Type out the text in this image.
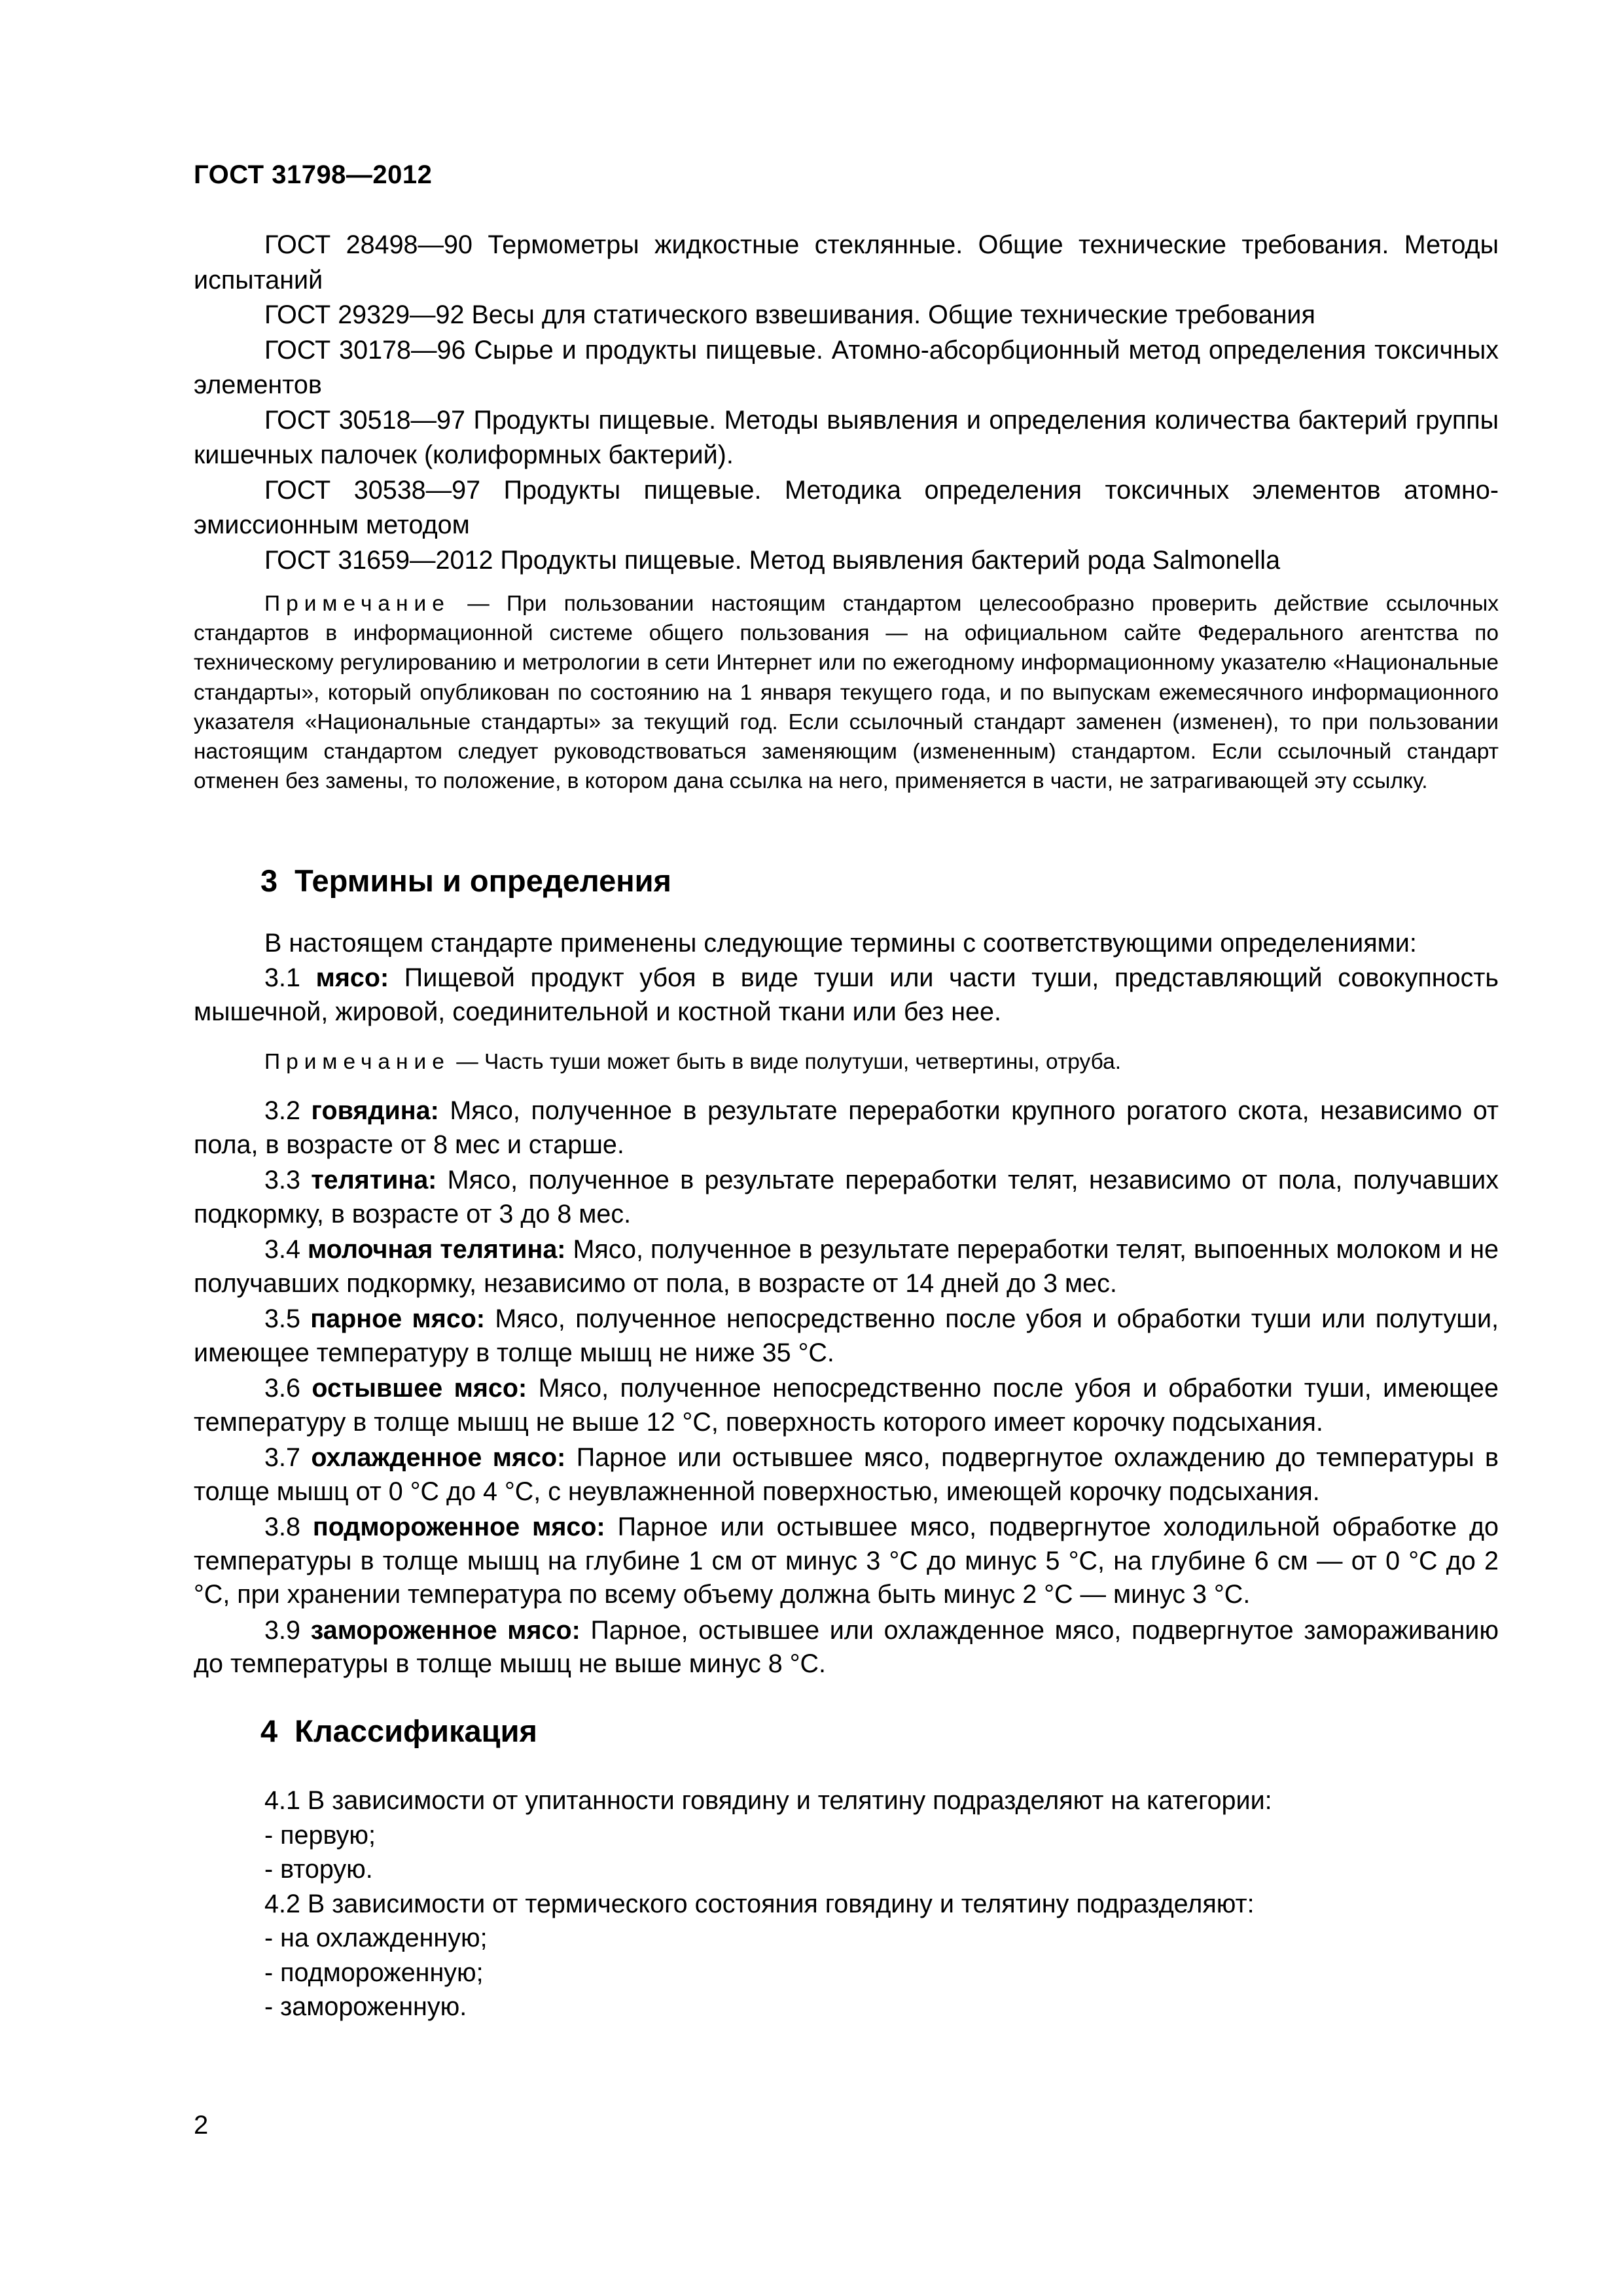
ГОСТ 31798—2012

ГОСТ 28498—90 Термометры жидкостные стеклянные. Общие технические требования. Методы испытаний

ГОСТ 29329—92 Весы для статического взвешивания. Общие технические требования

ГОСТ 30178—96 Сырье и продукты пищевые. Атомно-абсорбционный метод определения токсичных элементов

ГОСТ 30518—97 Продукты пищевые. Методы выявления и определения количества бактерий группы кишечных палочек (колиформных бактерий).

ГОСТ 30538—97 Продукты пищевые. Методика определения токсичных элементов атомно-эмиссионным методом

ГОСТ 31659—2012 Продукты пищевые. Метод выявления бактерий рода Salmonella

Примечание — При пользовании настоящим стандартом целесообразно проверить действие ссылочных стандартов в информационной системе общего пользования — на официальном сайте Федерального агентства по техническому регулированию и метрологии в сети Интернет или по ежегодному информационному указателю «Национальные стандарты», который опубликован по состоянию на 1 января текущего года, и по выпускам ежемесячного информационного указателя «Национальные стандарты» за текущий год. Если ссылочный стандарт заменен (изменен), то при пользовании настоящим стандартом следует руководствоваться заменяющим (измененным) стандартом. Если ссылочный стандарт отменен без замены, то положение, в котором дана ссылка на него, применяется в части, не затрагивающей эту ссылку.

3 Термины и определения

В настоящем стандарте применены следующие термины с соответствующими определениями:

3.1 мясо: Пищевой продукт убоя в виде туши или части туши, представляющий совокупность мышечной, жировой, соединительной и костной ткани или без нее.

Примечание — Часть туши может быть в виде полутуши, четвертины, отруба.

3.2 говядина: Мясо, полученное в результате переработки крупного рогатого скота, независимо от пола, в возрасте от 8 мес и старше.

3.3 телятина: Мясо, полученное в результате переработки телят, независимо от пола, получавших подкормку, в возрасте от 3 до 8 мес.

3.4 молочная телятина: Мясо, полученное в результате переработки телят, выпоенных молоком и не получавших подкормку, независимо от пола, в возрасте от 14 дней до 3 мес.

3.5 парное мясо: Мясо, полученное непосредственно после убоя и обработки туши или полутуши, имеющее температуру в толще мышц не ниже 35 °С.

3.6 остывшее мясо: Мясо, полученное непосредственно после убоя и обработки туши, имеющее температуру в толще мышц не выше 12 °С, поверхность которого имеет корочку подсыхания.

3.7 охлажденное мясо: Парное или остывшее мясо, подвергнутое охлаждению до температуры в толще мышц от 0 °С до 4 °С, с неувлажненной поверхностью, имеющей корочку подсыхания.

3.8 подмороженное мясо: Парное или остывшее мясо, подвергнутое холодильной обработке до температуры в толще мышц на глубине 1 см от минус 3 °С до минус 5 °С, на глубине 6 см — от 0 °С до 2 °С, при хранении температура по всему объему должна быть минус 2 °С — минус 3 °С.

3.9 замороженное мясо: Парное, остывшее или охлажденное мясо, подвергнутое замораживанию до температуры в толще мышц не выше минус 8 °С.

4 Классификация

4.1 В зависимости от упитанности говядину и телятину подразделяют на категории:

- первую;

- вторую.

4.2 В зависимости от термического состояния говядину и телятину подразделяют:

- на охлажденную;

- подмороженную;

- замороженную.

2
